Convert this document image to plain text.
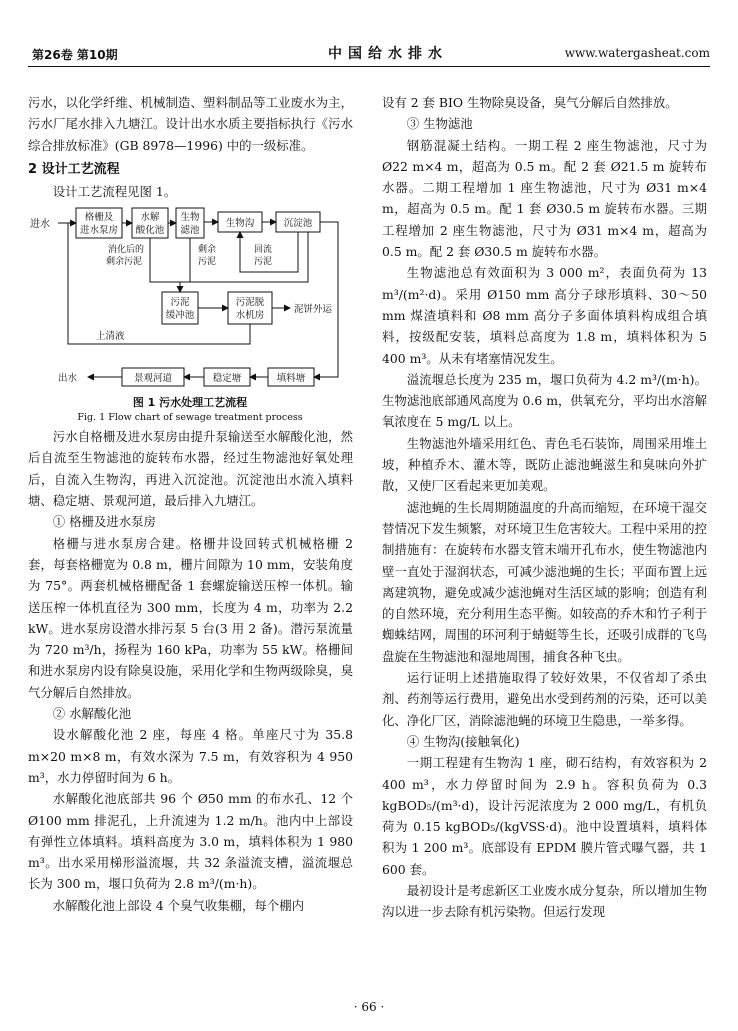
第26卷 第10期	中国给水排水	www.watergasheat.com

污水，以化学纤维、机械制造、塑料制品等工业废水为主，污水厂尾水排入九塘江。设计出水水质主要指标执行《污水综合排放标准》(GB 8978—1996) 中的一级标准。

2 设计工艺流程

设计工艺流程见图 1。

进水
格栅及
进水泵房
水解
酸化池
生物
滤池
生物沟	沉淀池
消化后的
剩余污泥
剩余
污泥
回流
污泥
污泥
缓冲池
污泥脱
水机房
泥饼外运
上清液
出水	景观河道	稳定塘	填料塘
图 1 污水处理工艺流程
Fig. 1 Flow chart of sewage treatment process

污水自格栅及进水泵房由提升泵输送至水解酸化池，然后自流至生物滤池的旋转布水器，经过生物滤池好氧处理后，自流入生物沟，再进入沉淀池。沉淀池出水流入填料塘、稳定塘、景观河道，最后排入九塘江。

① 格栅及进水泵房

格栅与进水泵房合建。格栅井设回转式机械格栅 2 套，每套格栅宽为 0.8 m，栅片间隙为 10 mm，安装角度为 75°。两套机械格栅配备 1 套螺旋输送压榨一体机。输送压榨一体机直径为 300 mm，长度为 4 m，功率为 2.2 kW。进水泵房设潜水排污泵 5 台(3 用 2 备)。潜污泵流量为 720 m³/h，扬程为 160 kPa，功率为 55 kW。格栅间和进水泵房内设有除臭设施，采用化学和生物两级除臭，臭气分解后自然排放。

② 水解酸化池

设水解酸化池 2 座，每座 4 格。单座尺寸为 35.8 m×20 m×8 m，有效水深为 7.5 m，有效容积为 4 950 m³，水力停留时间为 6 h。

水解酸化池底部共 96 个 Ø50 mm 的布水孔、12 个 Ø100 mm 排泥孔，上升流速为 1.2 m/h。池内中上部设有弹性立体填料。填料高度为 3.0 m，填料体积为 1 980 m³。出水采用梯形溢流堰，共 32 条溢流支槽，溢流堰总长为 300 m，堰口负荷为 2.8 m³/(m·h)。

水解酸化池上部设 4 个臭气收集棚，每个棚内

设有 2 套 BIO 生物除臭设备，臭气分解后自然排放。

③ 生物滤池

钢筋混凝土结构。一期工程 2 座生物滤池，尺寸为 Ø22 m×4 m，超高为 0.5 m。配 2 套 Ø21.5 m 旋转布水器。二期工程增加 1 座生物滤池，尺寸为 Ø31 m×4 m，超高为 0.5 m。配 1 套 Ø30.5 m 旋转布水器。三期工程增加 2 座生物滤池，尺寸为 Ø31 m×4 m，超高为 0.5 m。配 2 套 Ø30.5 m 旋转布水器。

生物滤池总有效面积为 3 000 m²，表面负荷为 13 m³/(m²·d)。采用 Ø150 mm 高分子球形填料、30～50 mm 煤渣填料和 Ø8 mm 高分子多面体填料构成组合填料，按级配安装，填料总高度为 1.8 m，填料体积为 5 400 m³。从未有堵塞情况发生。

溢流堰总长度为 235 m，堰口负荷为 4.2 m³/(m·h)。生物滤池底部通风高度为 0.6 m，供氧充分，平均出水溶解氧浓度在 5 mg/L 以上。

生物滤池外墙采用红色、青色毛石装饰，周围采用堆土坡，种植乔木、灌木等，既防止滤池蝇滋生和臭味向外扩散，又使厂区看起来更加美观。

滤池蝇的生长周期随温度的升高而缩短，在环境干湿交替情况下发生频繁，对环境卫生危害较大。工程中采用的控制措施有：在旋转布水器支管末端开孔布水，使生物滤池内壁一直处于湿润状态，可减少滤池蝇的生长；平面布置上远离建筑物，避免或减少滤池蝇对生活区域的影响；创造有利的自然环境，充分利用生态平衡。如较高的乔木和竹子利于蜘蛛结网，周围的环河利于蜻蜓等生长，还吸引成群的飞鸟盘旋在生物滤池和湿地周围，捕食各种飞虫。

运行证明上述措施取得了较好效果，不仅省却了杀虫剂、药剂等运行费用，避免出水受到药剂的污染，还可以美化、净化厂区，消除滤池蝇的环境卫生隐患，一举多得。

④ 生物沟(接触氧化)

一期工程建有生物沟 1 座，砌石结构，有效容积为 2 400 m³，水力停留时间为 2.9 h。容积负荷为 0.3 kgBOD₅/(m³·d)，设计污泥浓度为 2 000 mg/L，有机负荷为 0.15 kgBOD₅/(kgVSS·d)。池中设置填料，填料体积为 1 200 m³。底部设有 EPDM 膜片管式曝气器，共 1 600 套。

最初设计是考虑新区工业废水成分复杂，所以增加生物沟以进一步去除有机污染物。但运行发现

· 66 ·
